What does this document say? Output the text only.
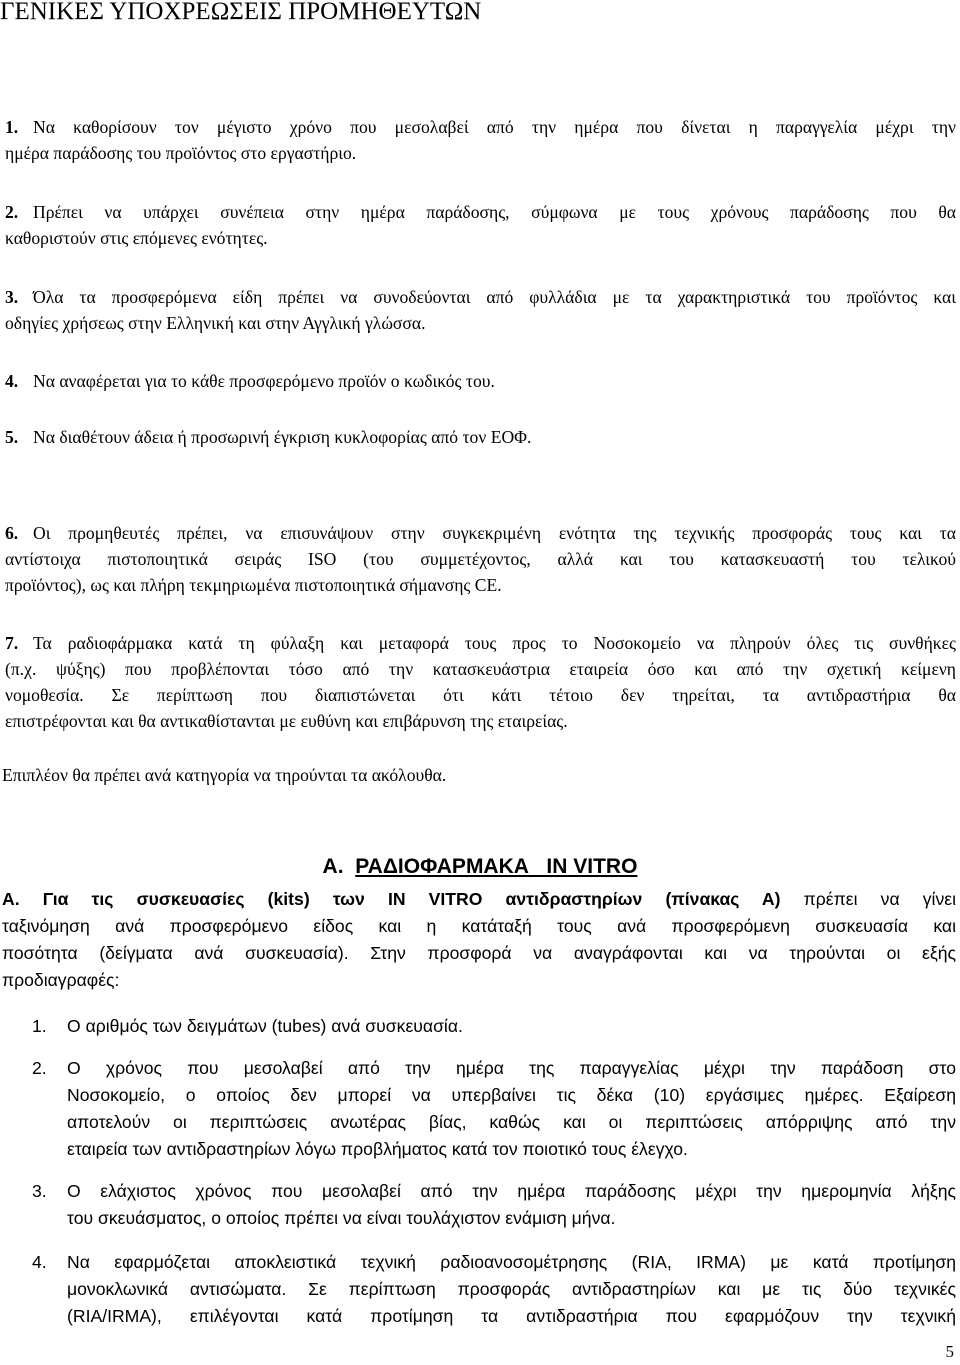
ΓΕΝΙΚΕΣ ΥΠΟΧΡΕΩΣΕΙΣ ΠΡΟΜΗΘΕΥΤΩΝ
1. Να καθορίσουν τον μέγιστο χρόνο που μεσολαβεί από την ημέρα που δίνεται η παραγγελία μέχρι την
ημέρα παράδοσης του προϊόντος στο εργαστήριο.
2. Πρέπει να υπάρχει συνέπεια στην ημέρα παράδοσης, σύμφωνα με τους χρόνους παράδοσης που θα
καθοριστούν στις επόμενες ενότητες.
3. Όλα τα προσφερόμενα είδη πρέπει να συνοδεύονται από φυλλάδια με τα χαρακτηριστικά του προϊόντος και
οδηγίες χρήσεως στην Ελληνική και στην Αγγλική γλώσσα.
4. Να αναφέρεται για το κάθε προσφερόμενο προϊόν ο κωδικός του.
5. Να διαθέτουν άδεια ή προσωρινή έγκριση κυκλοφορίας από τον ΕΟΦ.
6. Οι προμηθευτές πρέπει, να επισυνάψουν στην συγκεκριμένη ενότητα της τεχνικής προσφοράς τους και τα
αντίστοιχα πιστοποιητικά σειράς ISO (του συμμετέχοντος, αλλά και του κατασκευαστή του τελικού
προϊόντος), ως και πλήρη τεκμηριωμένα πιστοποιητικά σήμανσης CE.
7. Τα ραδιοφάρμακα κατά τη φύλαξη και μεταφορά τους προς το Νοσοκομείο να πληρούν όλες τις συνθήκες
(π.χ. ψύξης) που προβλέπονται τόσο από την κατασκευάστρια εταιρεία όσο και από την σχετική κείμενη
νομοθεσία. Σε περίπτωση που διαπιστώνεται ότι κάτι τέτοιο δεν τηρείται, τα αντιδραστήρια θα
επιστρέφονται και θα αντικαθίστανται με ευθύνη και επιβάρυνση της εταιρείας.
Επιπλέον θα πρέπει ανά κατηγορία να τηρούνται τα ακόλουθα.
Α. ΡΑΔΙΟΦΑΡΜΑΚΑ   IN VITRO
Α. Για τις συσκευασίες (kits) των IN VITRO αντιδραστηρίων (πίνακας Α) πρέπει να γίνει
ταξινόμηση ανά προσφερόμενο είδος και η κατάταξή τους ανά προσφερόμενη συσκευασία και
ποσότητα (δείγματα ανά συσκευασία). Στην προσφορά να αναγράφονται και να τηρούνται οι εξής
προδιαγραφές:
1. Ο αριθμός των δειγμάτων (tubes) ανά συσκευασία.
2. Ο χρόνος που μεσολαβεί από την ημέρα της παραγγελίας μέχρι την παράδοση στο
Νοσοκομείο, ο οποίος δεν μπορεί να υπερβαίνει τις δέκα (10) εργάσιμες ημέρες. Εξαίρεση
αποτελούν οι περιπτώσεις ανωτέρας βίας, καθώς και οι περιπτώσεις απόρριψης από την
εταιρεία των αντιδραστηρίων λόγω προβλήματος κατά τον ποιοτικό τους έλεγχο.
3. Ο ελάχιστος χρόνος που μεσολαβεί από την ημέρα παράδοσης μέχρι την ημερομηνία λήξης
του σκευάσματος, ο οποίος πρέπει να είναι τουλάχιστον ενάμιση μήνα.
4. Να εφαρμόζεται αποκλειστικά τεχνική ραδιοανοσομέτρησης (RIA, IRMA) με κατά προτίμηση
μονοκλωνικά αντισώματα. Σε περίπτωση προσφοράς αντιδραστηρίων και με τις δύο τεχνικές
(RIA/IRMA), επιλέγονται κατά προτίμηση τα αντιδραστήρια που εφαρμόζουν την τεχνική
5
